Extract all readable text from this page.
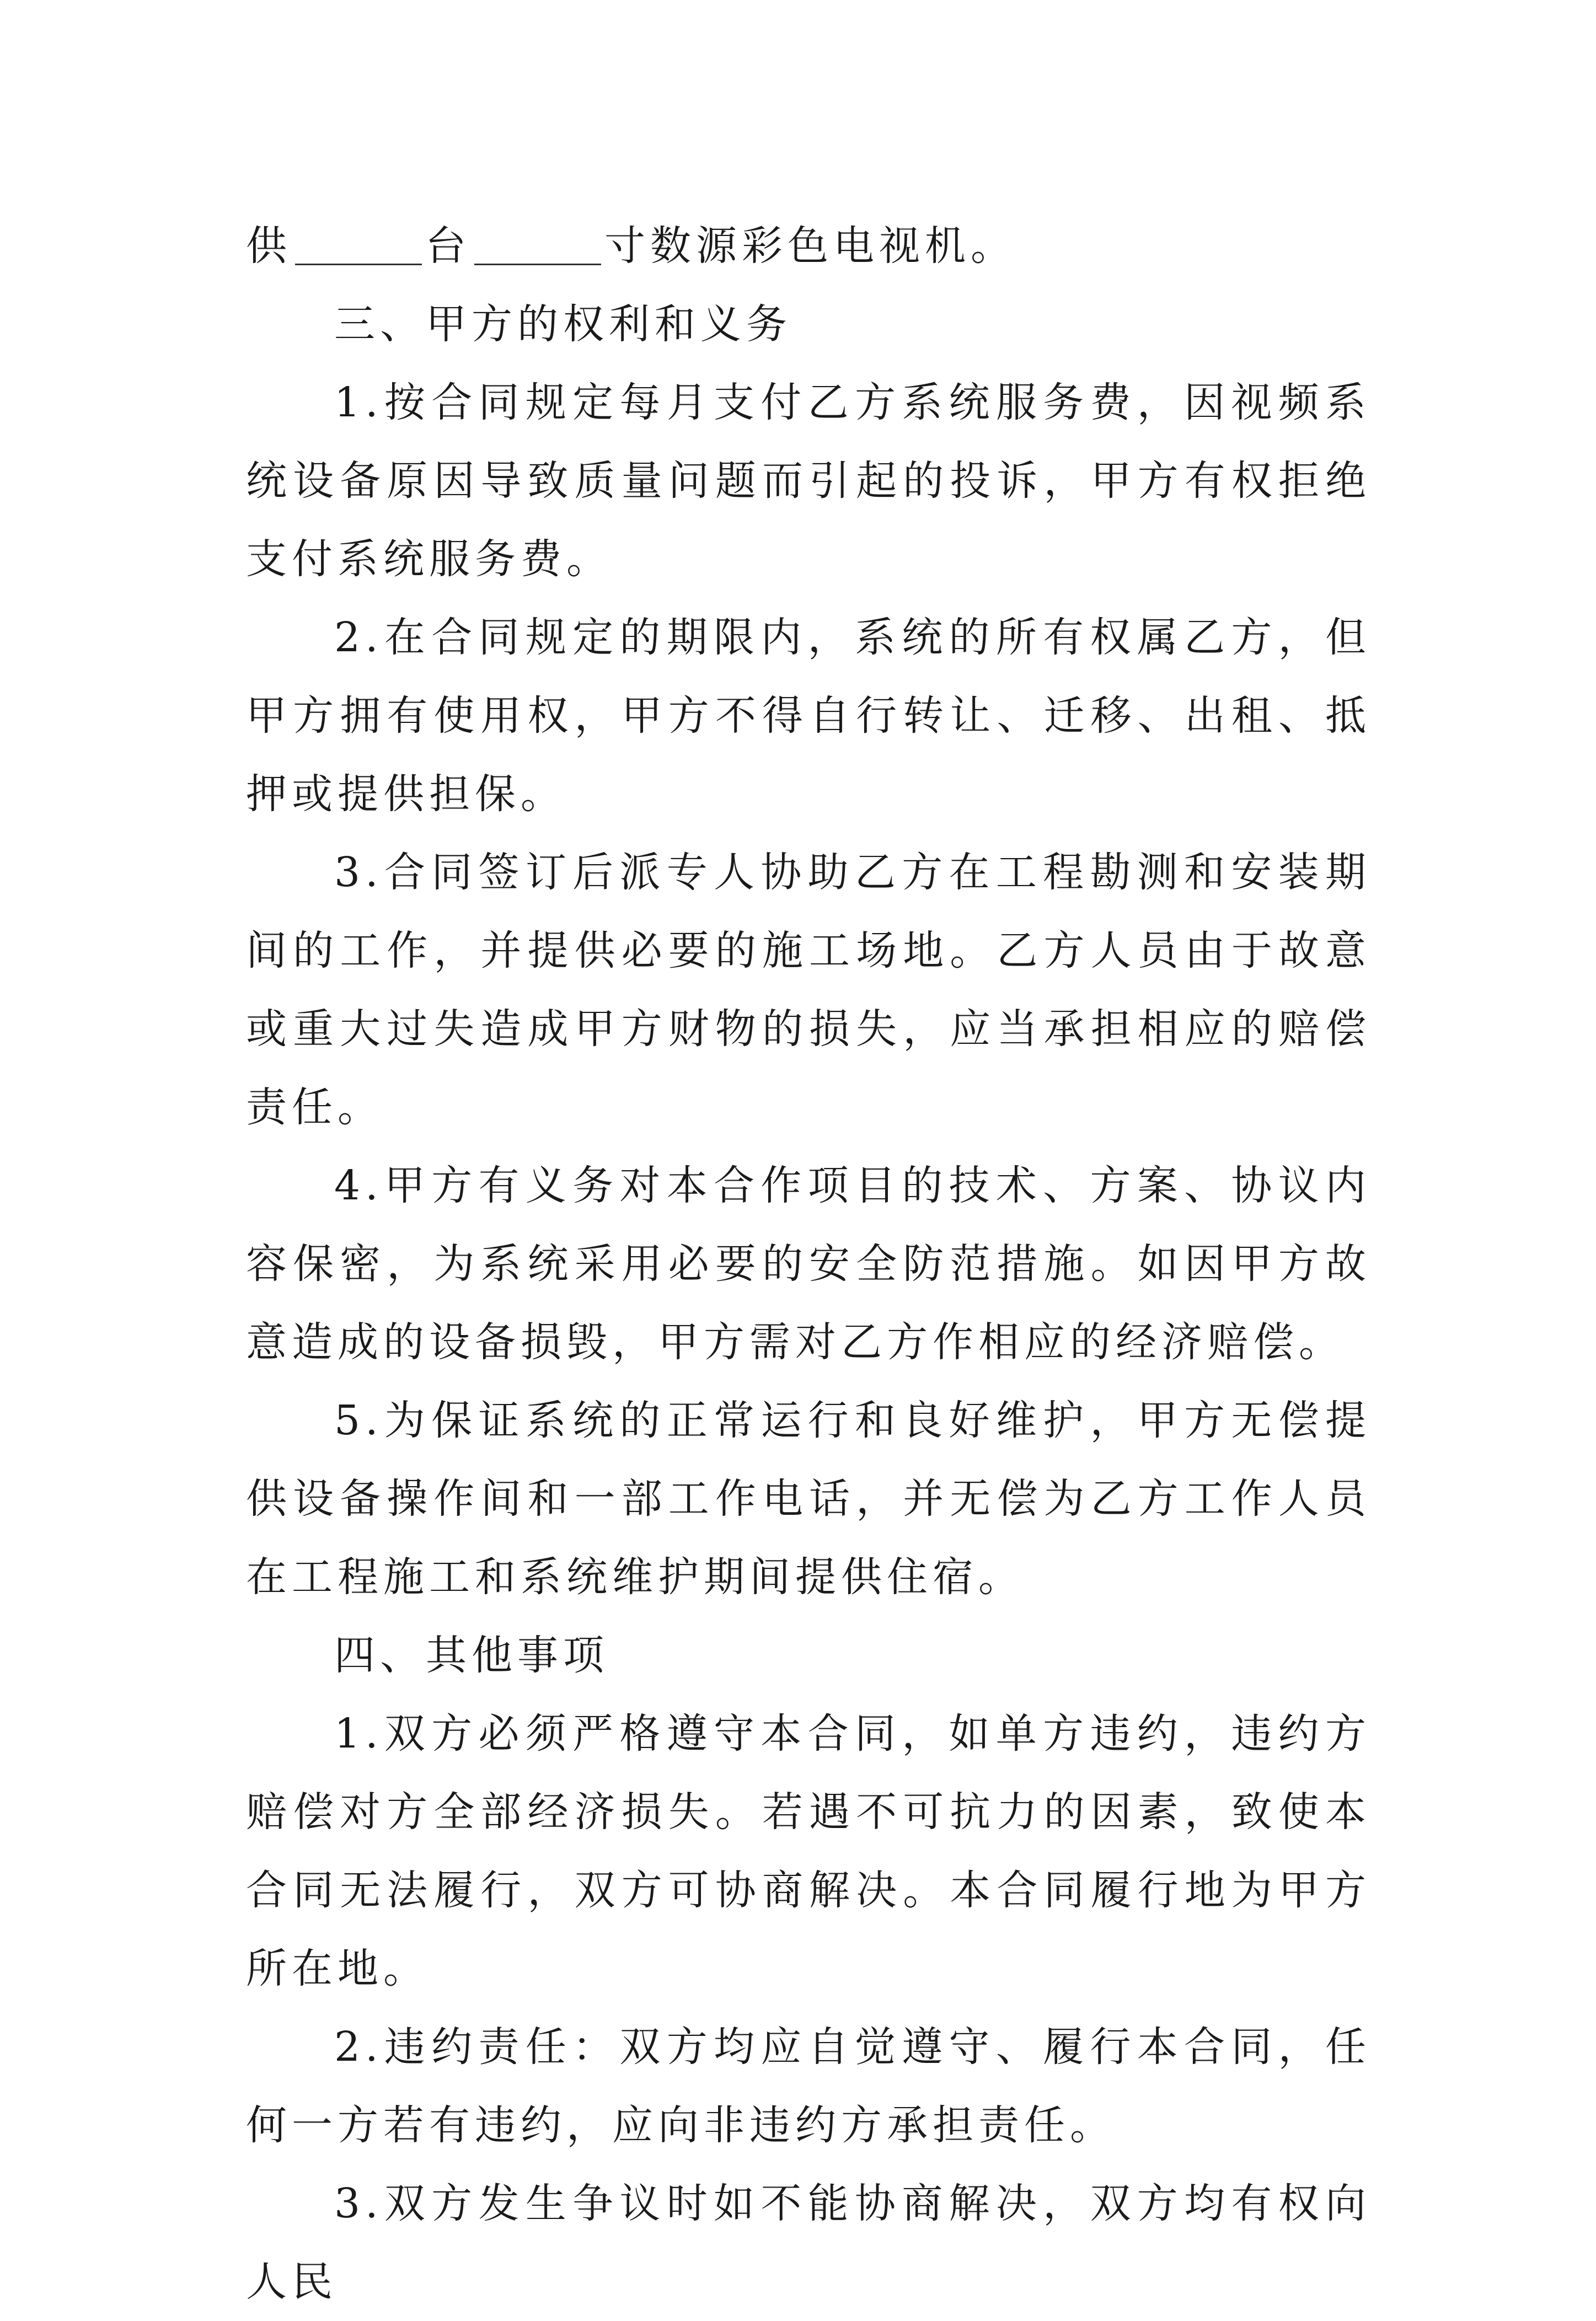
供	台	寸数源彩色电视机。

三、甲方的权利和义务

1.按合同规定每月支付乙方系统服务费，因视频系统设备原因导致质量问题而引起的投诉，甲方有权拒绝支付系统服务费。

2.在合同规定的期限内，系统的所有权属乙方，但甲方拥有使用权，甲方不得自行转让、迁移、出租、抵押或提供担保。

3.合同签订后派专人协助乙方在工程勘测和安装期间的工作，并提供必要的施工场地。乙方人员由于故意或重大过失造成甲方财物的损失，应当承担相应的赔偿责任。

4.甲方有义务对本合作项目的技术、方案、协议内容保密，为系统采用必要的安全防范措施。如因甲方故意造成的设备损毁，甲方需对乙方作相应的经济赔偿。

5.为保证系统的正常运行和良好维护，甲方无偿提供设备操作间和一部工作电话，并无偿为乙方工作人员在工程施工和系统维护期间提供住宿。

四、其他事项

1.双方必须严格遵守本合同，如单方违约，违约方赔偿对方全部经济损失。若遇不可抗力的因素，致使本合同无法履行，双方可协商解决。本合同履行地为甲方所在地。

2.违约责任：双方均应自觉遵守、履行本合同，任何一方若有违约，应向非违约方承担责任。

3.双方发生争议时如不能协商解决，双方均有权向人民
